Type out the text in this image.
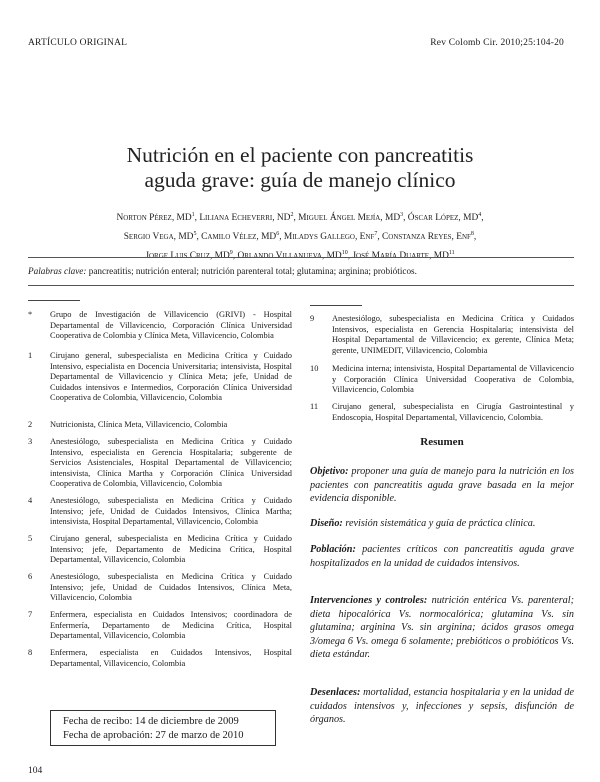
ARTÍCULO ORIGINAL	Rev Colomb Cir. 2010;25:104-20
Nutrición en el paciente con pancreatitis
aguda grave: guía de manejo clínico
Norton Pérez, $MD^1$, Liliana Echeverri, $ND^2$, Miguel Ángel Mejía, $MD^3$, Óscar López, $MD^4$,
Sergio Vega, $MD^5$, Camilo Vélez, $MD^6$, Miladys Gallego, Enf$^7$, Constanza Reyes, Enf$^8$,
Jorge Luis Cruz, $MD^9$, Orlando Villanueva, MD$^{10}$, José María Duarte, MD$^{11}$
Palabras clave: pancreatitis; nutrición enteral; nutrición parenteral total; glutamina; arginina; probióticos.
* Grupo de Investigación de Villavicencio (GRIVI) - Hospital Departamental de Villavicencio, Corporación Clínica Universidad Cooperativa de Colombia y Clínica Meta, Villavicencio, Colombia
1 Cirujano general, subespecialista en Medicina Crítica y Cuidado Intensivo, especialista en Docencia Universitaria; intensivista, Hospital Departamental de Villavicencio y Clínica Meta; jefe, Unidad de Cuidados intensivos e Intermedios, Corporación Clínica Universidad Cooperativa de Colombia, Villavicencio, Colombia
2 Nutricionista, Clínica Meta, Villavicencio, Colombia
3 Anestesiólogo, subespecialista en Medicina Crítica y Cuidado Intensivo, especialista en Gerencia Hospitalaria; subgerente de Servicios Asistenciales, Hospital Departamental de Villavicencio; intensivista, Clínica Martha y Corporación Clínica Universidad Cooperativa de Colombia, Villavicencio, Colombia
4 Anestesiólogo, subespecialista en Medicina Crítica y Cuidado Intensivo; jefe, Unidad de Cuidados Intensivos, Clínica Martha; intensivista, Hospital Departamental, Villavicencio, Colombia
5 Cirujano general, subespecialista en Medicina Crítica y Cuidado Intensivo; jefe, Departamento de Medicina Crítica, Hospital Departamental, Villavicencio, Colombia
6 Anestesiólogo, subespecialista en Medicina Crítica y Cuidado Intensivo; jefe, Unidad de Cuidados Intensivos, Clínica Meta, Villavicencio, Colombia
7 Enfermera, especialista en Cuidados Intensivos; coordinadora de Enfermería, Departamento de Medicina Crítica, Hospital Departamental, Villavicencio, Colombia
8 Enfermera, especialista en Cuidados Intensivos, Hospital Departamental, Villavicencio, Colombia
Fecha de recibo: 14 de diciembre de 2009
Fecha de aprobación: 27 de marzo de 2010
104
9 Anestesiólogo, subespecialista en Medicina Crítica y Cuidados Intensivos, especialista en Gerencia Hospitalaria; intensivista del Hospital Departamental de Villavicencio; ex gerente, Clínica Meta; gerente, UNIMEDIT, Villavicencio, Colombia
10 Medicina interna; intensivista, Hospital Departamental de Villavicencio y Corporación Clínica Universidad Cooperativa de Colombia, Villavicencio, Colombia
11 Cirujano general, subespecialista en Cirugía Gastrointestinal y Endoscopia, Hospital Departamental, Villavicencio, Colombia.
Resumen
Objetivo: proponer una guía de manejo para la nutrición en los pacientes con pancreatitis aguda grave basada en la mejor evidencia disponible.
Diseño: revisión sistemática y guía de práctica clínica.
Población: pacientes críticos con pancreatitis aguda grave hospitalizados en la unidad de cuidados intensivos.
Intervenciones y controles: nutrición entérica Vs. parenteral; dieta hipocalórica Vs. normocalórica; glutamina Vs. sin glutamina; arginina Vs. sin arginina; ácidos grasos omega 3/omega 6 Vs. omega 6 solamente; prebióticos o probióticos Vs. dieta estándar.
Desenlaces: mortalidad, estancia hospitalaria y en la unidad de cuidados intensivos y, infecciones y sepsis, disfunción de órganos.
